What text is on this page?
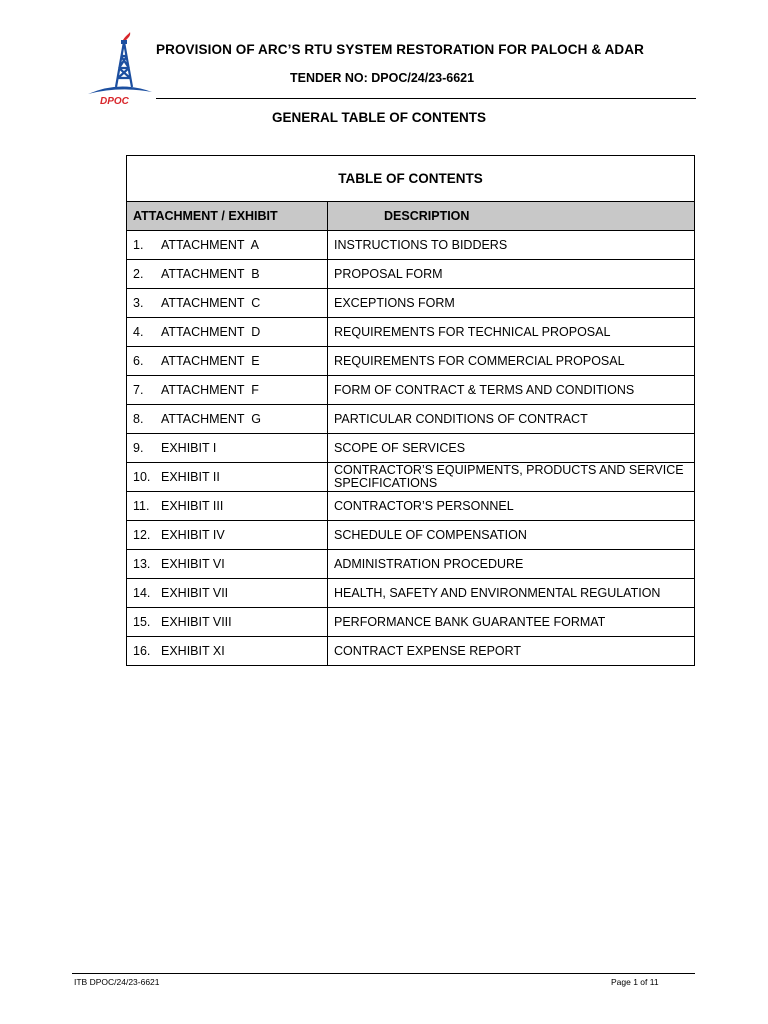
DPOC
PROVISION OF ARC’S RTU SYSTEM RESTORATION FOR PALOCH & ADAR
TENDER NO: DPOC/24/23-6621
GENERAL TABLE OF CONTENTS
TABLE OF CONTENTS	
ATTACHMENT / EXHIBIT	DESCRIPTION
1. ATTACHMENT  A	INSTRUCTIONS TO BIDDERS
2. ATTACHMENT  B	PROPOSAL FORM
3. ATTACHMENT  C	EXCEPTIONS FORM
4. ATTACHMENT  D	REQUIREMENTS FOR TECHNICAL PROPOSAL
6. ATTACHMENT  E	REQUIREMENTS FOR COMMERCIAL PROPOSAL
7. ATTACHMENT  F	FORM OF CONTRACT & TERMS AND CONDITIONS
8. ATTACHMENT  G	PARTICULAR CONDITIONS OF CONTRACT
9. EXHIBIT I	SCOPE OF SERVICES
10. EXHIBIT II	CONTRACTOR’S EQUIPMENTS, PRODUCTS AND SERVICE SPECIFICATIONS
11. EXHIBIT III	CONTRACTOR’S PERSONNEL
12. EXHIBIT IV	SCHEDULE OF COMPENSATION
13. EXHIBIT VI	ADMINISTRATION PROCEDURE
14. EXHIBIT VII	HEALTH, SAFETY AND ENVIRONMENTAL REGULATION
15. EXHIBIT VIII	PERFORMANCE BANK GUARANTEE FORMAT
16. EXHIBIT XI	CONTRACT EXPENSE REPORT
ITB DPOC/24/23-6621	Page 1 of 11
